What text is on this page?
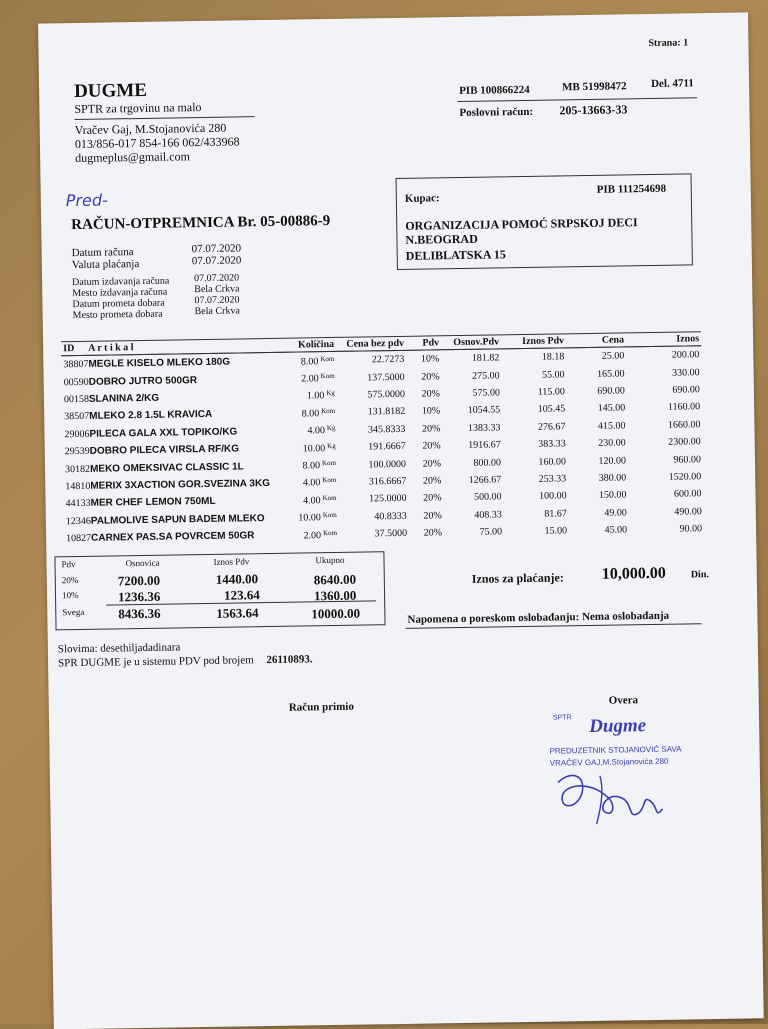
Strana: 1
DUGME
SPTR za trgovinu na malo
Vračev Gaj, M.Stojanovića 280
013/856-017 854-166 062/433968
dugmeplus@gmail.com
PIB 100866224	MB 51998472 Del. 4711
Poslovni račun: 205-13663-33
Pred-
RAČUN-OTPREMNICA Br. 05-00886-9
Datum računa	07.07.2020
Valuta plaćanja	07.07.2020
Datum izdavanja računa 07.07.2020
Mesto izdavanja računa	Bela Crkva
Datum prometa dobara	07.07.2020
Mesto prometa dobara	Bela Crkva
Kupac:
PIB 111254698
ORGANIZACIJA POMOĆ SRPSKOJ DECI
N.BEOGRAD
DELIBLATSKA 15
ID	A r t i k a l	Količina	Cena bez pdv	Pdv	Osnov.Pdv	Iznos Pdv	Cena	Iznos
38807	MEGLE KISELO MLEKO 180G	8.00 $^{Kom}$	22.7273	10%	181.82	18.18	25.00	200.00
00590	DOBRO JUTRO 500GR	2.00 $^{Kom}$	137.5000	20%	275.00	55.00	165.00	330.00
00158	SLANINA 2/KG	1.00 $^{Kg}$	575.0000	20%	575.00	115.00	690.00	690.00
38507	MLEKO 2.8 1.5L KRAVICA	8.00 $^{Kom}$	131.8182	10%	1054.55	105.45	145.00	1160.00
29006	PILECA GALA XXL TOPIKO/KG	4.00 $^{Kg}$	345.8333	20%	1383.33	276.67	415.00	1660.00
29539	DOBRO PILECA VIRSLA RF/KG	10.00 $^{Kg}$	191.6667	20%	1916.67	383.33	230.00	2300.00
30182	MEKO OMEKSIVAC CLASSIC 1L	8.00 $^{Kom}$	100.0000	20%	800.00	160.00	120.00	960.00
14810	MERIX 3XACTION GOR.SVEZINA 3KG	4.00 $^{Kom}$	316.6667	20%	1266.67	253.33	380.00	1520.00
44133	MER CHEF LEMON 750ML	4.00 $^{Kom}$	125.0000	20%	500.00	100.00	150.00	600.00
12346	PALMOLIVE SAPUN BADEM MLEKO	10.00 $^{Kom}$	40.8333	20%	408.33	81.67	49.00	490.00
10827	CARNEX PAS.SA POVRCEM 50GR	2.00 $^{Kom}$	37.5000	20%	75.00	15.00	45.00	90.00
Pdv	Osnovica	Iznos Pdv	Ukupno
20%	7200.00	1440.00	8640.00
10%	1236.36	123.64	1360.00
Svega	8436.36	1563.64	10000.00
Iznos za plaćanje: 10,000.00 Din.
Napomena o poreskom oslobađanju: Nema oslobađanja
Slovima: desethiljadadinara
SPR DUGME je u sistemu PDV pod brojem 26110893.
Račun primio
Overa
SPTR Dugme
PREDUZETNIK STOJANOVIĆ SAVA
VRAČEV GAJ,M.Stojanovića 280
